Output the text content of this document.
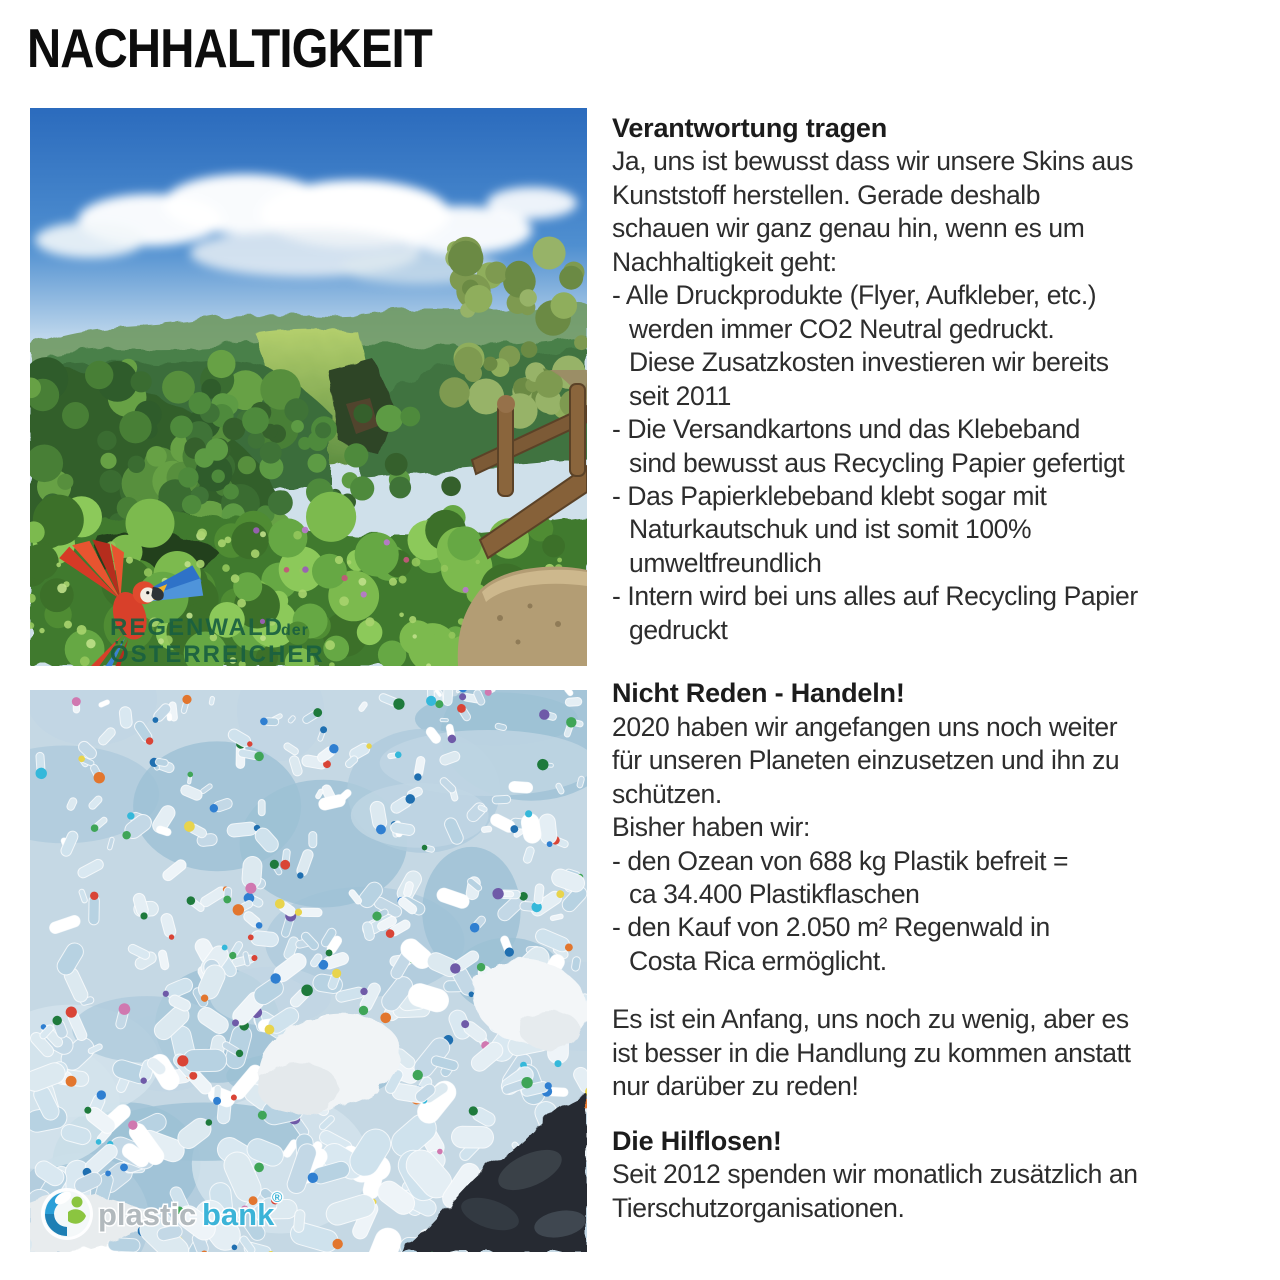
NACHHALTIGKEIT
REGENWALD
der
ÖSTERREICHER
plastic bank
®
Verantwortung tragen
Ja, uns ist bewusst dass wir unsere Skins aus
Kunststoff herstellen. Gerade deshalb
schauen wir ganz genau hin, wenn es um
Nachhaltigkeit geht:
- Alle Druckprodukte (Flyer, Aufkleber, etc.)
werden immer CO2 Neutral gedruckt.
Diese Zusatzkosten investieren wir bereits
seit 2011
- Die Versandkartons und das Klebeband
sind bewusst aus Recycling Papier gefertigt
- Das Papierklebeband klebt sogar mit
Naturkautschuk und ist somit 100%
umweltfreundlich
- Intern wird bei uns alles auf Recycling Papier
gedruckt
Nicht Reden - Handeln!
2020 haben wir angefangen uns noch weiter
für unseren Planeten einzusetzen und ihn zu
schützen.
Bisher haben wir:
- den Ozean von 688 kg Plastik befreit =
ca 34.400 Plastikflaschen
- den Kauf von 2.050 m² Regenwald in
Costa Rica ermöglicht.
Es ist ein Anfang, uns noch zu wenig, aber es
ist besser in die Handlung zu kommen anstatt
nur darüber zu reden!
Die Hilflosen!
Seit 2012 spenden wir monatlich zusätzlich an
Tierschutzorganisationen.
